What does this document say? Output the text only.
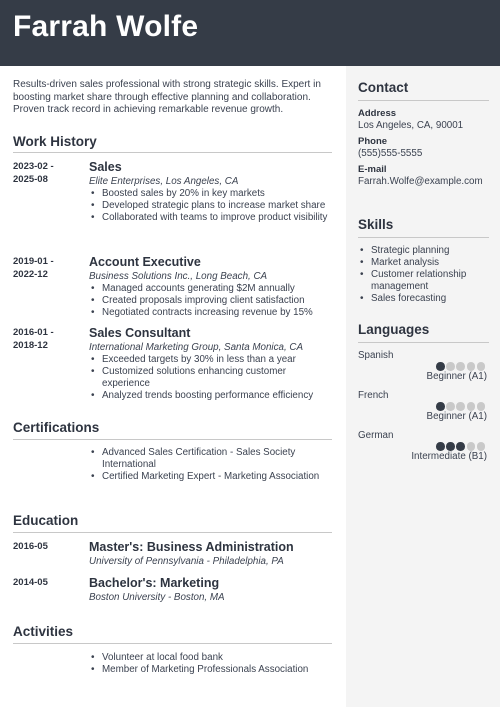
Farrah Wolfe
Results-driven sales professional with strong strategic skills. Expert in boosting market share through effective planning and collaboration. Proven track record in achieving remarkable revenue growth.
Work History
2023-02 -
2025-08
Sales
Elite Enterprises, Los Angeles, CA
• Boosted sales by 20% in key markets
• Developed strategic plans to increase market share
• Collaborated with teams to improve product visibility
2019-01 -
2022-12
Account Executive
Business Solutions Inc., Long Beach, CA
• Managed accounts generating $2M annually
• Created proposals improving client satisfaction
• Negotiated contracts increasing revenue by 15%
2016-01 -
2018-12
Sales Consultant
International Marketing Group, Santa Monica, CA
• Exceeded targets by 30% in less than a year
• Customized solutions enhancing customer experience
• Analyzed trends boosting performance efficiency
Certifications
• Advanced Sales Certification - Sales Society International
• Certified Marketing Expert - Marketing Association
Education
2016-05	Master's: Business Administration
University of Pennsylvania - Philadelphia, PA
2014-05	Bachelor's: Marketing
Boston University - Boston, MA
Activities
• Volunteer at local food bank
• Member of Marketing Professionals Association
Contact
Address
Los Angeles, CA, 90001
Phone
(555)555-5555
E-mail
Farrah.Wolfe@example.com
Skills
• Strategic planning
• Market analysis
• Customer relationship management
• Sales forecasting
Languages
Spanish
Beginner (A1)
French
Beginner (A1)
German
Intermediate (B1)
